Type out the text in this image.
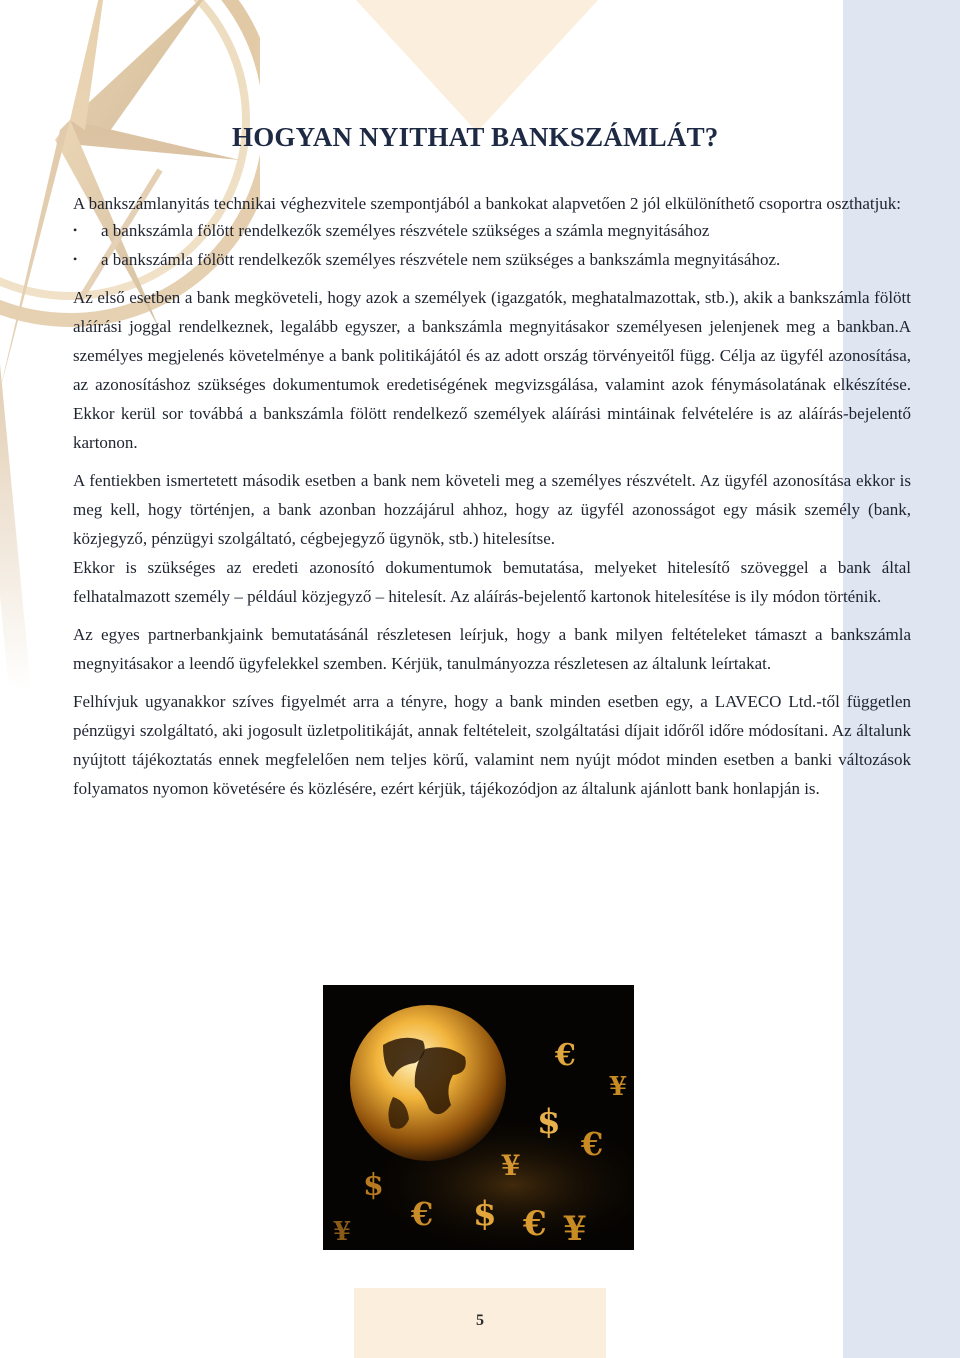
HOGYAN NYITHAT BANKSZÁMLÁT?

A bankszámlanyitás technikai véghezvitele szempontjából a bankokat alapvetően 2 jól elkülöníthető csoportra oszthatjuk:

• a bankszámla fölött rendelkezők személyes részvétele szükséges a számla megnyitásához
• a bankszámla fölött rendelkezők személyes részvétele nem szükséges a bankszámla megnyitásához.

Az első esetben a bank megköveteli, hogy azok a személyek (igazgatók, meghatalmazottak, stb.), akik a bankszámla fölött aláírási joggal rendelkeznek, legalább egyszer, a bankszámla megnyitásakor személyesen jelenjenek meg a bankban.A személyes megjelenés követelménye a bank politikájától és az adott ország törvényeitől függ. Célja az ügyfél azonosítása, az azonosításhoz szükséges dokumentumok eredetiségének megvizsgálása, valamint azok fénymásolatának elkészítése. Ekkor kerül sor továbbá a bankszámla fölött rendelkező személyek aláírási mintáinak felvételére is az aláírás-bejelentő kartonon.

A fentiekben ismertetett második esetben a bank nem követeli meg a személyes részvételt. Az ügyfél azonosítása ekkor is meg kell, hogy történjen, a bank azonban hozzájárul ahhoz, hogy az ügyfél azonosságot egy másik személy (bank, közjegyző, pénzügyi szolgáltató, cégbejegyző ügynök, stb.) hitelesítse.

Ekkor is szükséges az eredeti azonosító dokumentumok bemutatása, melyeket hitelesítő szöveggel a bank által felhatalmazott személy – például közjegyző – hitelesít. Az aláírás-bejelentő kartonok hitelesítése is ily módon történik.

Az egyes partnerbankjaink bemutatásánál részletesen leírjuk, hogy a bank milyen feltételeket támaszt a bankszámla megnyitásakor a leendő ügyfelekkel szemben. Kérjük, tanulmányozza részletesen az általunk leírtakat.

Felhívjuk ugyanakkor szíves figyelmét arra a tényre, hogy a bank minden esetben egy, a LAVECO Ltd.-től független pénzügyi szolgáltató, aki jogosult üzletpolitikáját, annak feltételeit, szolgáltatási díjait időről időre módosítani. Az általunk nyújtott tájékoztatás ennek megfelelően nem teljes körű, valamint nem nyújt módot minden esetben a banki változások folyamatos nyomon követésére és közlésére, ezért kérjük, tájékozódjon az általunk ajánlott bank honlapján is.

€
¥
$
€
¥
$
€ $ € ¥
¥
5
